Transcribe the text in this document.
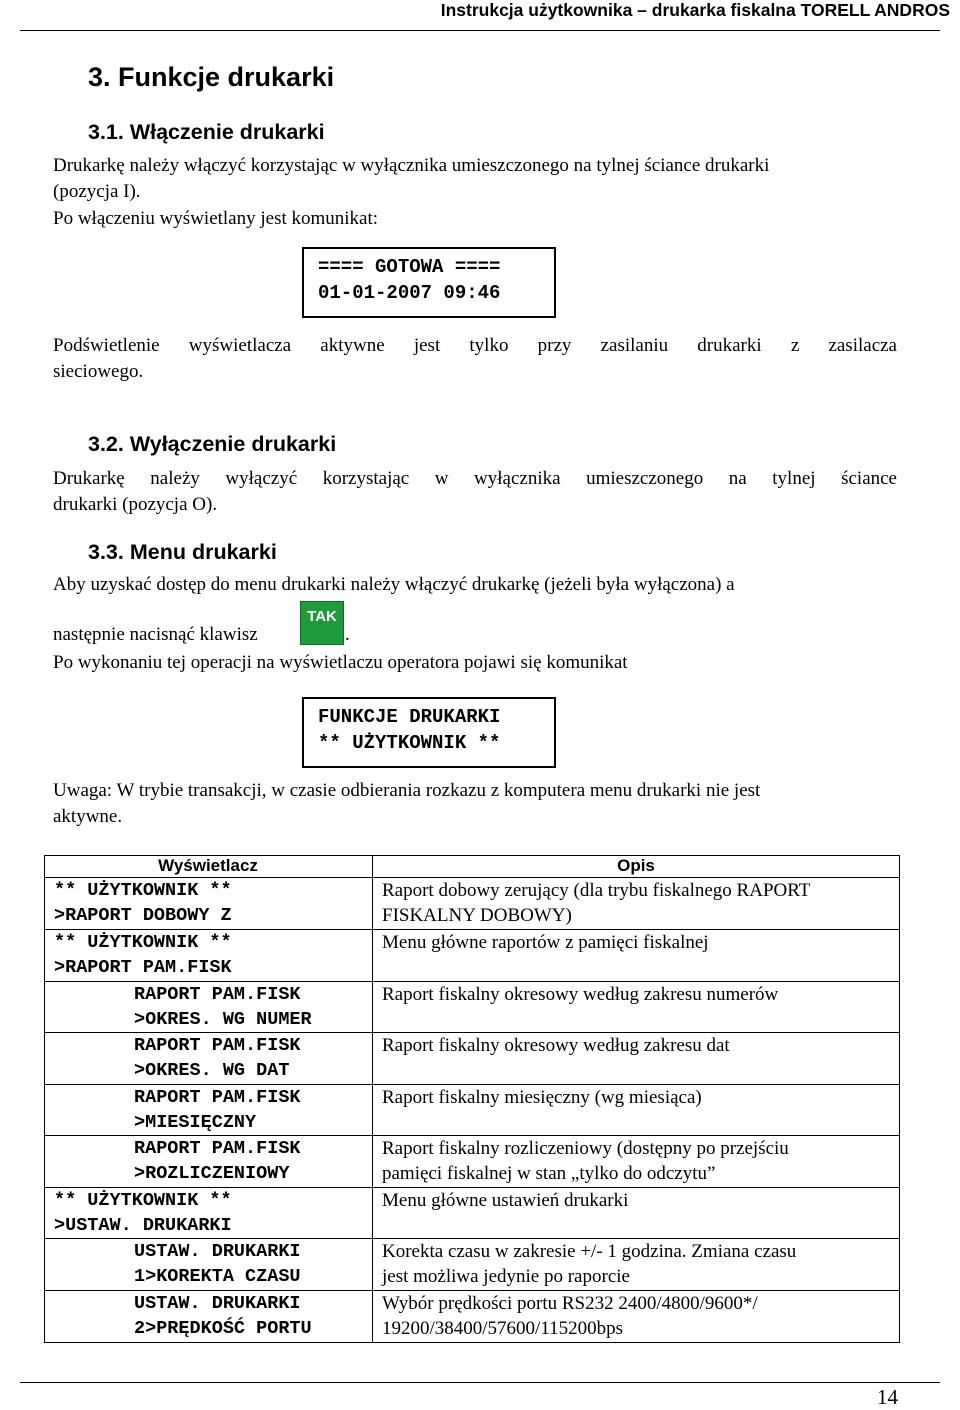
Instrukcja użytkownika – drukarka fiskalna TORELL ANDROS
3. Funkcje drukarki
3.1. Włączenie drukarki
Drukarkę należy włączyć korzystając w wyłącznika umieszczonego na tylnej ściance drukarki
(pozycja I).
Po włączeniu wyświetlany jest komunikat:
==== GOTOWA ====
01-01-2007 09:46
Podświetlenie wyświetlacza aktywne jest tylko przy zasilaniu drukarki z zasilacza
sieciowego.
3.2. Wyłączenie drukarki
Drukarkę należy wyłączyć korzystając w wyłącznika umieszczonego na tylnej ściance
drukarki (pozycja O).
3.3. Menu drukarki
Aby uzyskać dostęp do menu drukarki należy włączyć drukarkę (jeżeli była wyłączona) a
następnie nacisnąć klawisz
TAK
.
Po wykonaniu tej operacji na wyświetlaczu operatora pojawi się komunikat
FUNKCJE DRUKARKI
** UŻYTKOWNIK **
Uwaga: W trybie transakcji, w czasie odbierania rozkazu z komputera menu drukarki nie jest
aktywne.
Wyświetlacz	Opis
** UŻYTKOWNIK **
>RAPORT DOBOWY Z
Raport dobowy zerujący (dla trybu fiskalnego RAPORT
FISKALNY DOBOWY)
** UŻYTKOWNIK **
>RAPORT PAM.FISK
Menu główne raportów z pamięci fiskalnej
RAPORT PAM.FISK
>OKRES. WG NUMER
Raport fiskalny okresowy według zakresu numerów
RAPORT PAM.FISK
>OKRES. WG DAT
Raport fiskalny okresowy według zakresu dat
RAPORT PAM.FISK
>MIESIĘCZNY
Raport fiskalny miesięczny (wg miesiąca)
RAPORT PAM.FISK
>ROZLICZENIOWY
Raport fiskalny rozliczeniowy (dostępny po przejściu
pamięci fiskalnej w stan „tylko do odczytu”
** UŻYTKOWNIK **
>USTAW. DRUKARKI
Menu główne ustawień drukarki
USTAW. DRUKARKI
1>KOREKTA CZASU
Korekta czasu w zakresie +/- 1 godzina. Zmiana czasu
jest możliwa jedynie po raporcie
USTAW. DRUKARKI
2>PRĘDKOŚĆ PORTU
Wybór prędkości portu RS232 2400/4800/9600*/
19200/38400/57600/115200bps
14
